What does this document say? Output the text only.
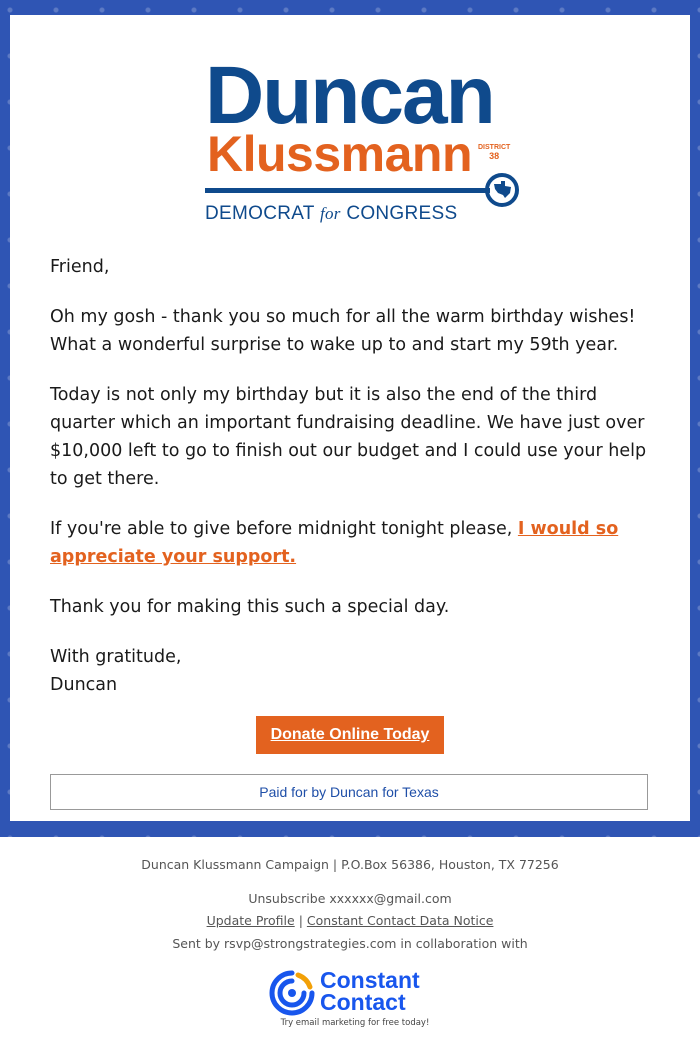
Duncan
Klussmann DISTRICT
38
DEMOCRAT for CONGRESS

Friend,

Oh my gosh - thank you so much for all the warm birthday wishes! What a wonderful surprise to wake up to and start my 59th year.

Today is not only my birthday but it is also the end of the third quarter which an important fundraising deadline. We have just over $10,000 left to go to finish out our budget and I could use your help to get there.

If you're able to give before midnight tonight please, I would so appreciate your support.

Thank you for making this such a special day.

With gratitude,
Duncan

Donate Online Today
Paid for by Duncan for Texas
Duncan Klussmann Campaign | P.O.Box 56386, Houston, TX 77256
Unsubscribe xxxxxx@gmail.com
Update Profile | Constant Contact Data Notice
Sent by rsvp@strongstrategies.com in collaboration with
Constant
Contact
Try email marketing for free today!
